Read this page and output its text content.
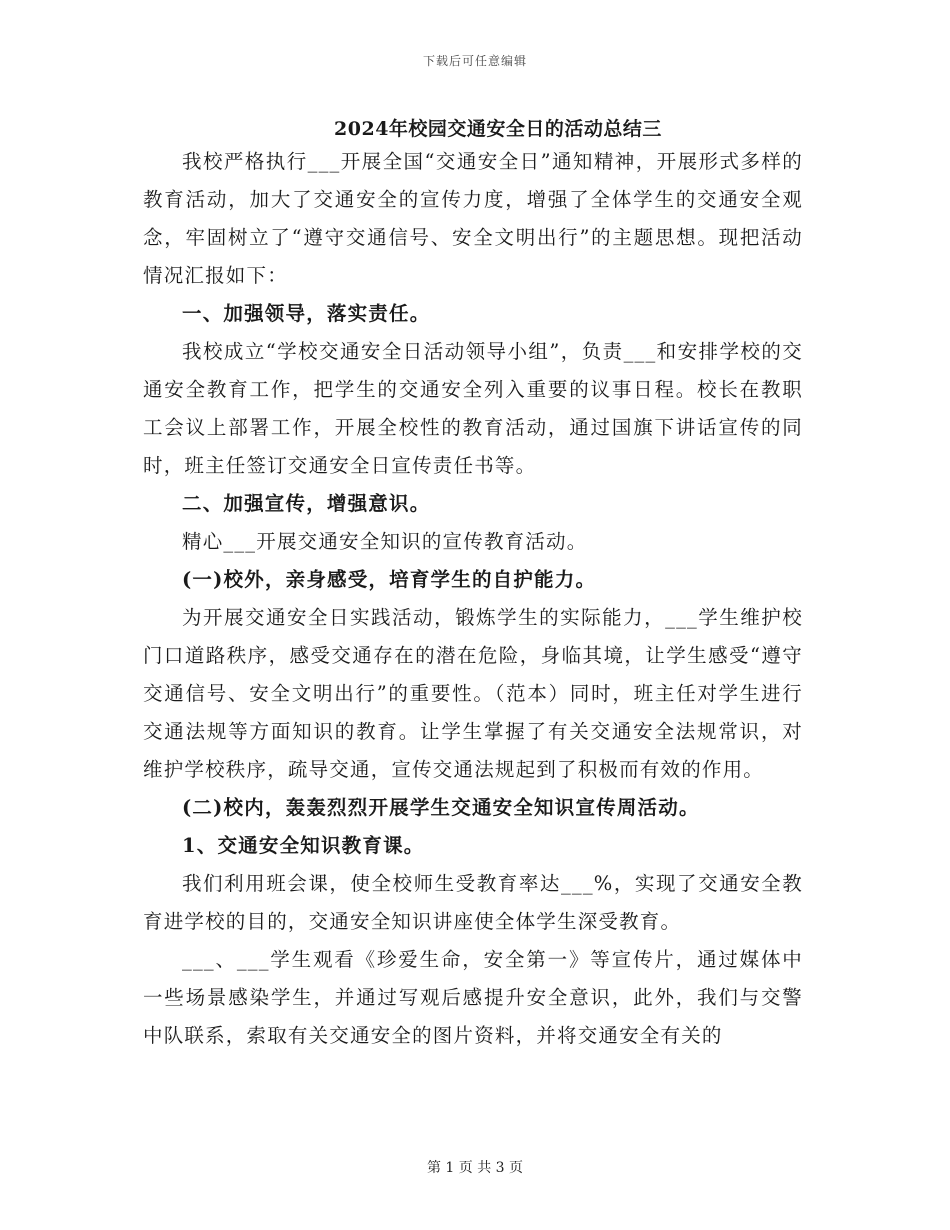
下载后可任意编辑
2024年校园交通安全日的活动总结三

我校严格执行___开展全国“交通安全日”通知精神，开展形式多样的教育活动，加大了交通安全的宣传力度，增强了全体学生的交通安全观念，牢固树立了“遵守交通信号、安全文明出行”的主题思想。现把活动情况汇报如下：

一、加强领导，落实责任。

我校成立“学校交通安全日活动领导小组”，负责___和安排学校的交通安全教育工作，把学生的交通安全列入重要的议事日程。校长在教职工会议上部署工作，开展全校性的教育活动，通过国旗下讲话宣传的同时，班主任签订交通安全日宣传责任书等。

二、加强宣传，增强意识。

精心___开展交通安全知识的宣传教育活动。

(一)校外，亲身感受，培育学生的自护能力。

为开展交通安全日实践活动，锻炼学生的实际能力，___学生维护校门口道路秩序，感受交通存在的潜在危险，身临其境，让学生感受“遵守交通信号、安全文明出行”的重要性。（范本）同时，班主任对学生进行交通法规等方面知识的教育。让学生掌握了有关交通安全法规常识，对维护学校秩序，疏导交通，宣传交通法规起到了积极而有效的作用。

(二)校内，轰轰烈烈开展学生交通安全知识宣传周活动。

1、交通安全知识教育课。

我们利用班会课，使全校师生受教育率达___%，实现了交通安全教育进学校的目的，交通安全知识讲座使全体学生深受教育。

___、___学生观看《珍爱生命，安全第一》等宣传片，通过媒体中一些场景感染学生，并通过写观后感提升安全意识，此外，我们与交警中队联系，索取有关交通安全的图片资料，并将交通安全有关的

第 1 页 共 3 页
